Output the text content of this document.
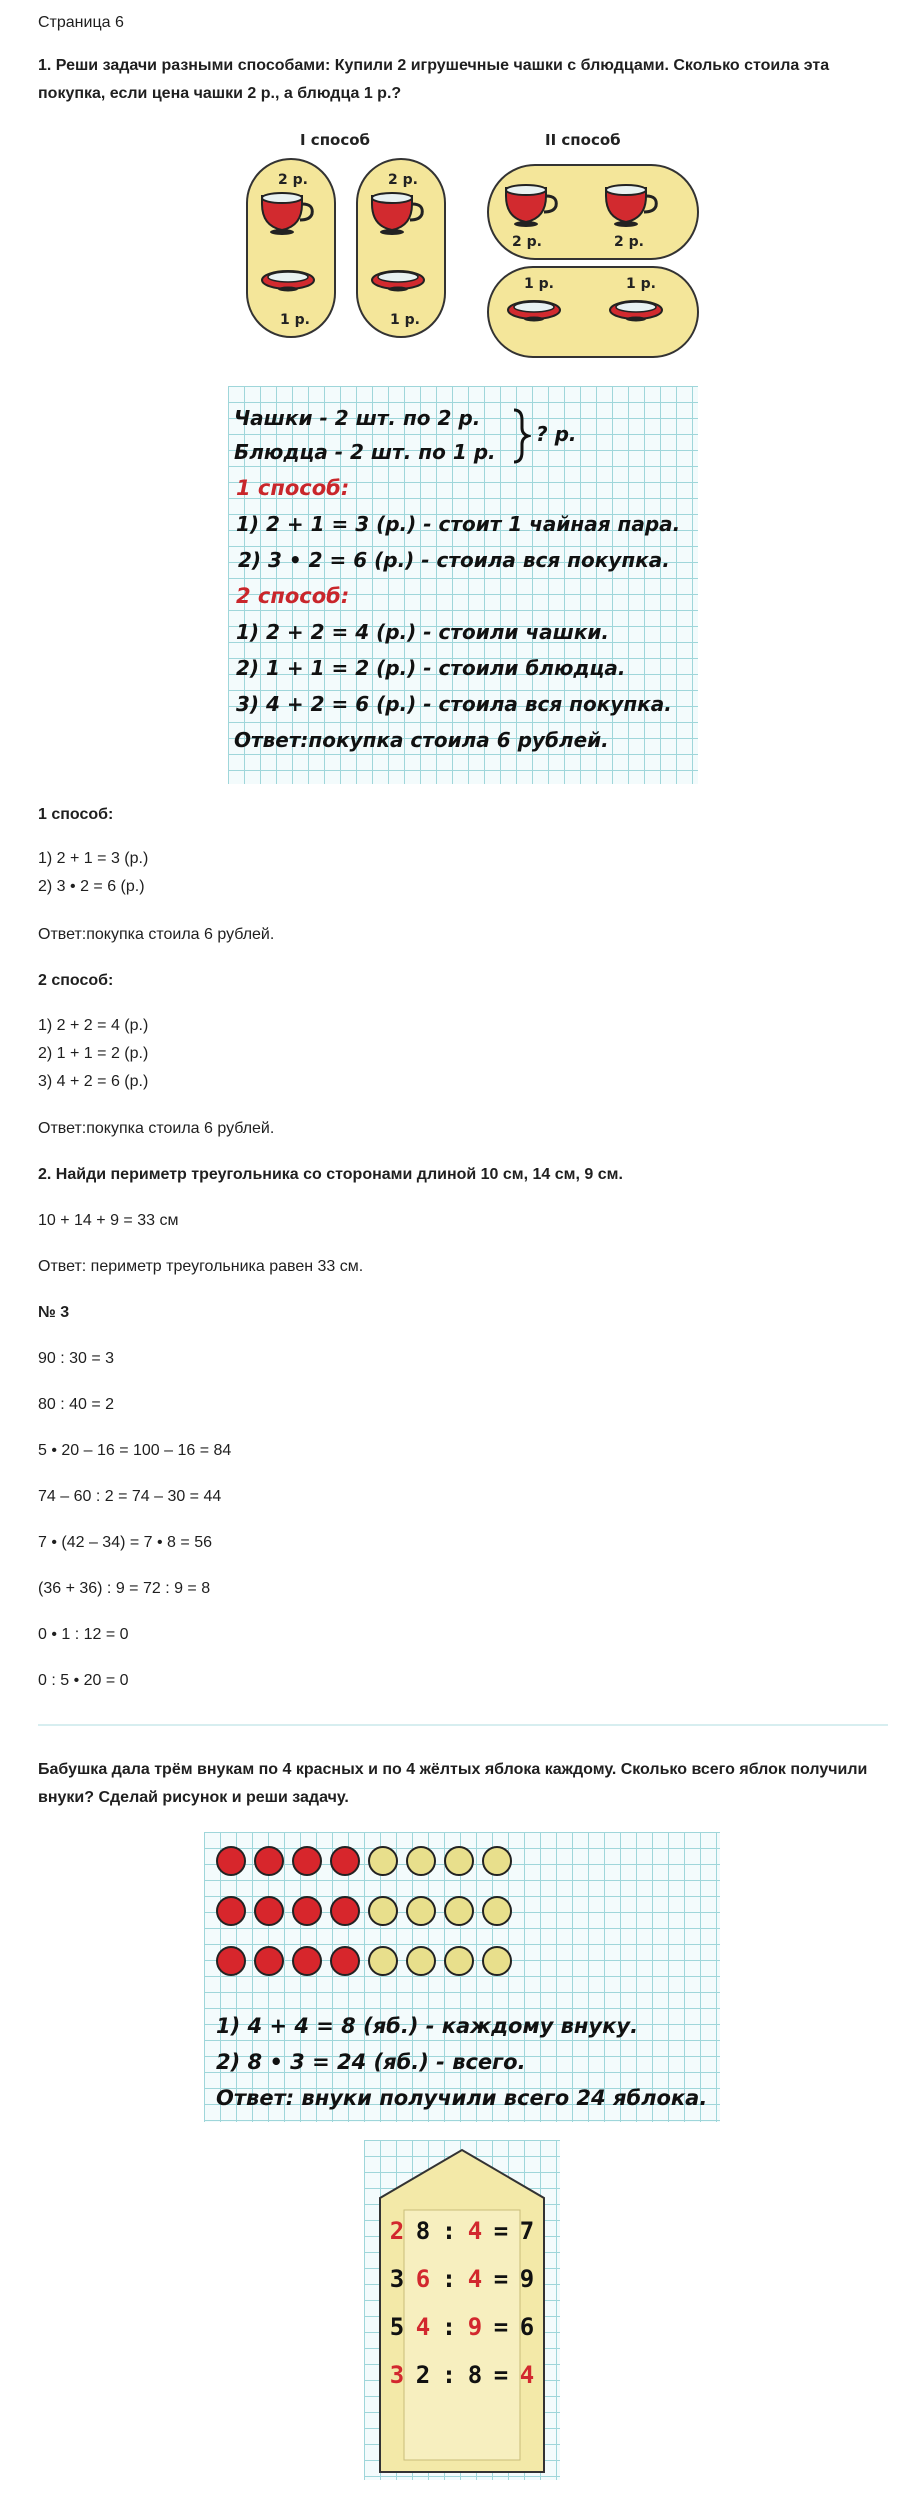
Страница 6
1. Реши задачи разными способами: Купили 2 игрушечные чашки с блюдцами. Сколько стоила эта покупка, если цена чашки 2 р., а блюдца 1 р.?
I способ	II способ
2 р.	2 р.
1 р.	1 р.
2 р.	2 р.
1 р.	1 р.
Чашки - 2 шт. по 2 р.
Блюдца - 2 шт. по 1 р.
? р.
1 способ:
1) 2 + 1 = 3 (р.) - стоит 1 чайная пара.
2) 3 • 2 = 6 (р.) - стоила вся покупка.
2 способ:
1) 2 + 2 = 4 (р.) - стоили чашки.
2) 1 + 1 = 2 (р.) - стоили блюдца.
3) 4 + 2 = 6 (р.) - стоила вся покупка.
Ответ:покупка стоила 6 рублей.
1 способ:
1) 2 + 1 = 3 (р.)
2) 3 • 2 = 6 (р.)
Ответ:покупка стоила 6 рублей.
2 способ:
1) 2 + 2 = 4 (р.)
2) 1 + 1 = 2 (р.)
3) 4 + 2 = 6 (р.)
Ответ:покупка стоила 6 рублей.
2. Найди периметр треугольника со сторонами длиной 10 см, 14 см, 9 см.
10 + 14 + 9 = 33 см
Ответ: периметр треугольника равен 33 см.
№ 3
90 : 30 = 3
80 : 40 = 2
5 • 20 – 16 = 100 – 16 = 84
74 – 60 : 2 = 74 – 30 = 44
7 • (42 – 34) = 7 • 8 = 56
(36 + 36) : 9 = 72 : 9 = 8
0 • 1 : 12 = 0
0 : 5 • 20 = 0
Бабушка дала трём внукам по 4 красных и по 4 жёлтых яблока каждому. Сколько всего яблок получили внуки? Сделай рисунок и реши задачу.
1) 4 + 4 = 8 (яб.) - каждому внуку.
2) 8 • 3 = 24 (яб.) - всего.
Ответ: внуки получили всего 24 яблока.
2 8 : 4 = 7
3 6 : 4 = 9
5 4 : 9 = 6
3 2 : 8 = 4
